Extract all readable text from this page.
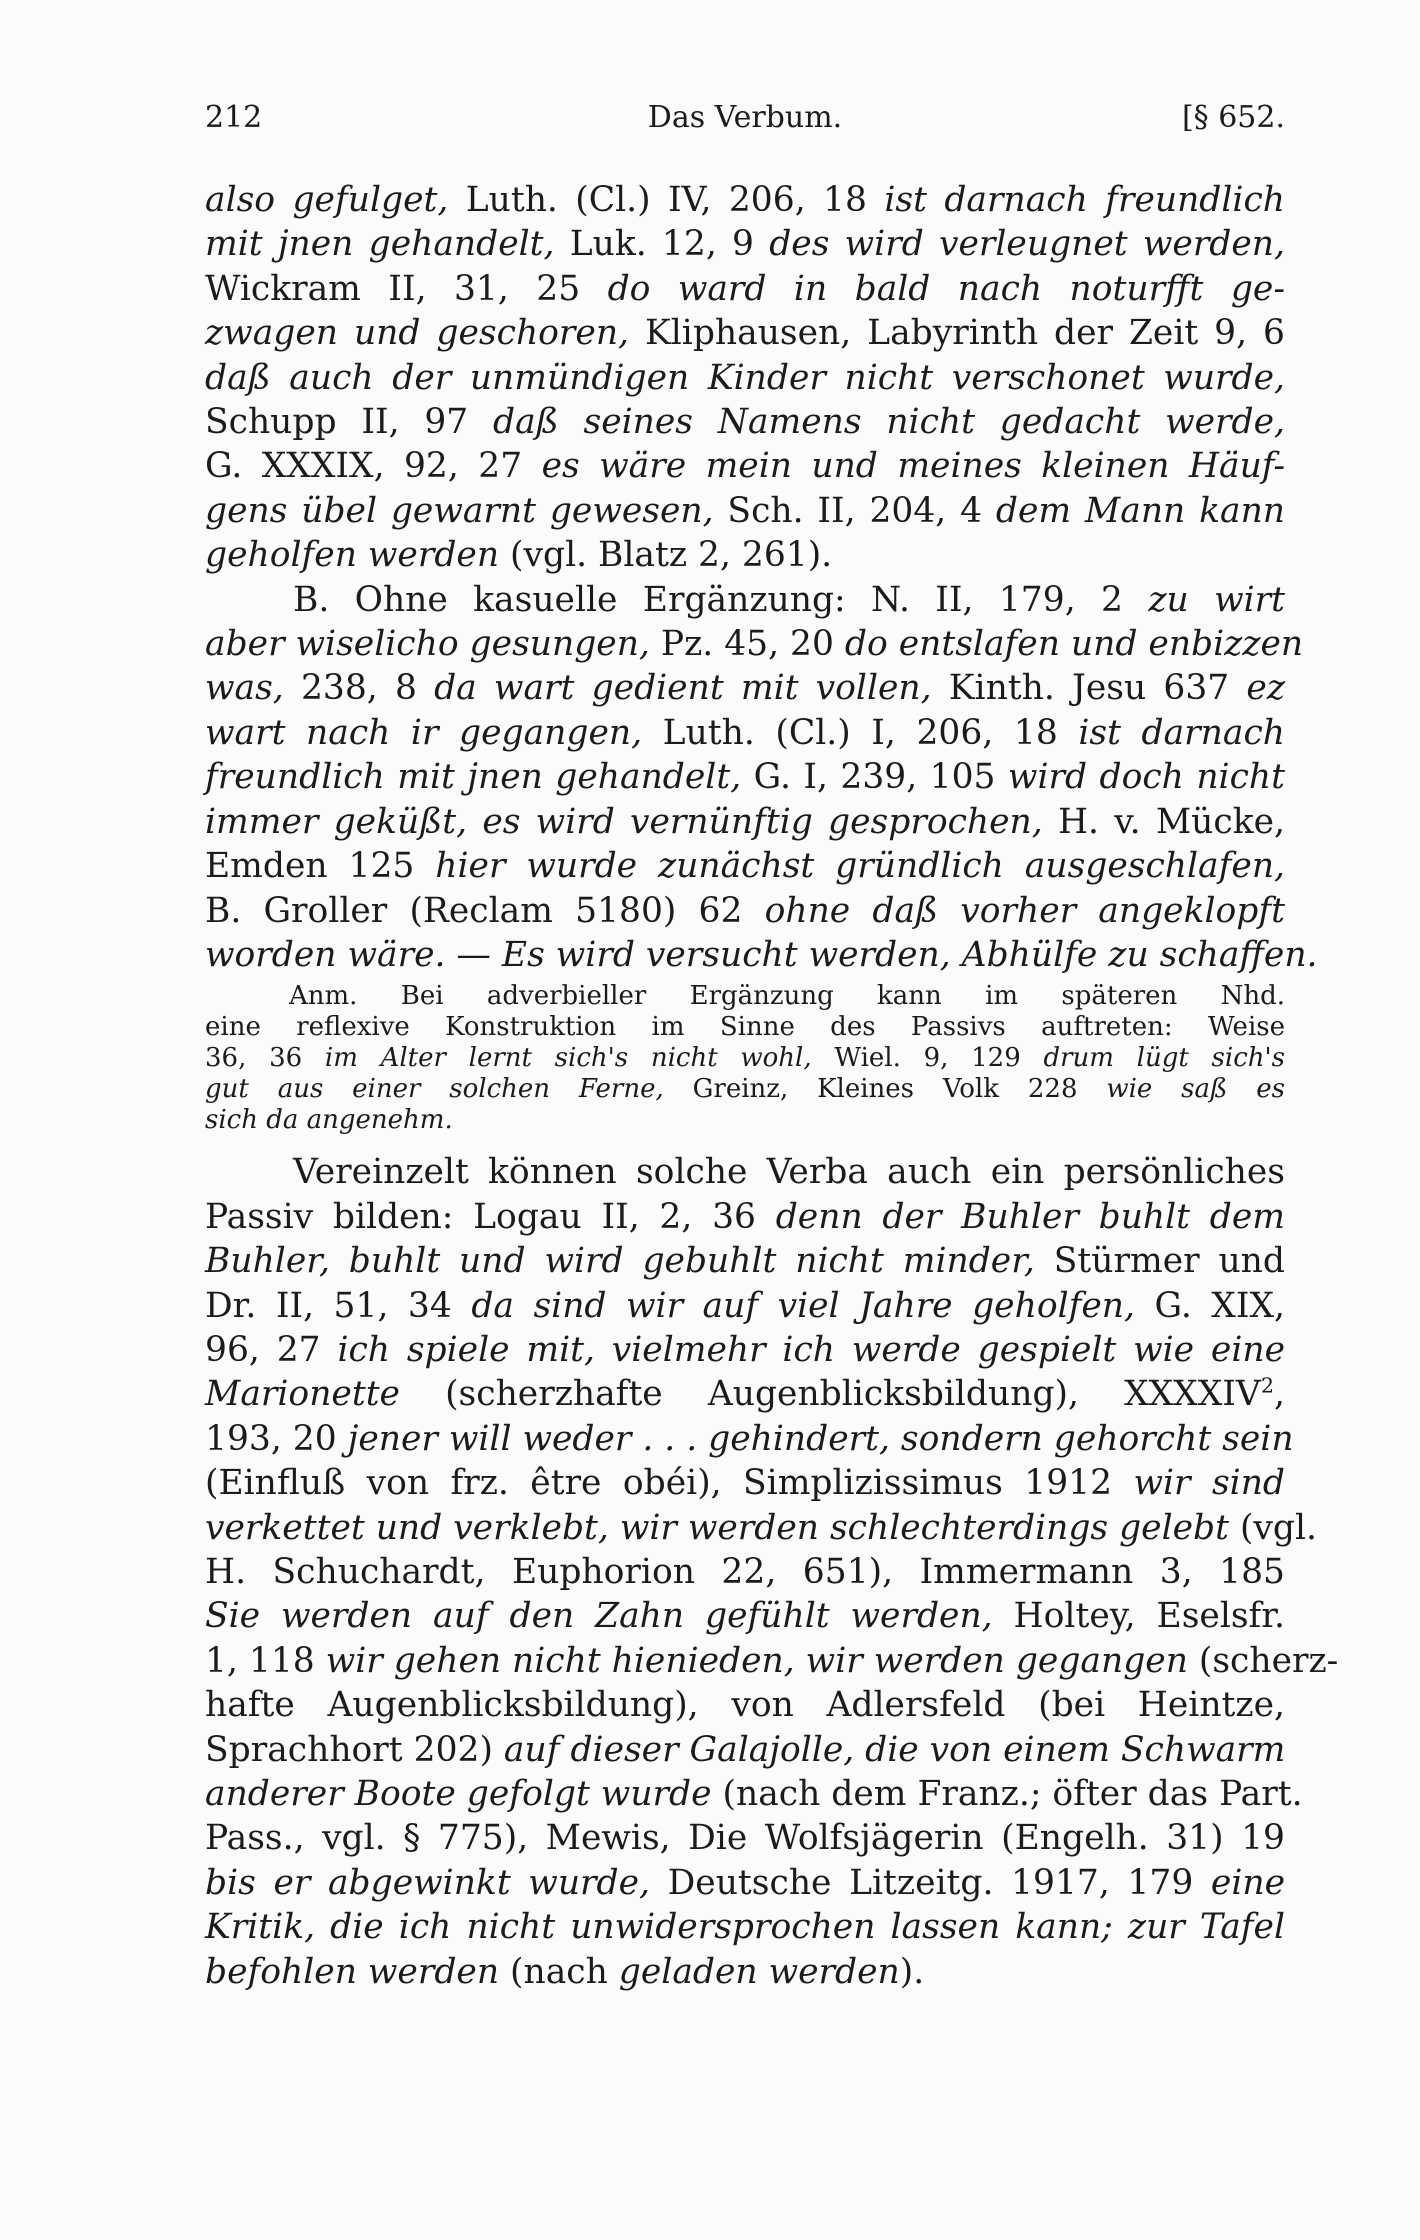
212	Das Verbum.	[§ 652.
also gefulget, Luth. (Cl.) IV, 206, 18 ist darnach freundlich
mit jnen gehandelt, Luk. 12, 9 des wird verleugnet werden,
Wickram II, 31, 25 do ward in bald nach noturfft ge-
zwagen und geschoren, Kliphausen, Labyrinth der Zeit 9, 6
daß auch der unmündigen Kinder nicht verschonet wurde,
Schupp II, 97 daß seines Namens nicht gedacht werde,
G. XXXIX, 92, 27 es wäre mein und meines kleinen Häuf-
gens übel gewarnt gewesen, Sch. II, 204, 4 dem Mann kann
geholfen werden (vgl. Blatz 2, 261).
B. Ohne kasuelle Ergänzung: N. II, 179, 2 zu wirt
aber wiselicho gesungen, Pz. 45, 20 do entslafen und enbizzen
was, 238, 8 da wart gedient mit vollen, Kinth. Jesu 637 ez
wart nach ir gegangen, Luth. (Cl.) I, 206, 18 ist darnach
freundlich mit jnen gehandelt, G. I, 239, 105 wird doch nicht
immer geküßt, es wird vernünftig gesprochen, H. v. Mücke,
Emden 125 hier wurde zunächst gründlich ausgeschlafen,
B. Groller (Reclam 5180) 62 ohne daß vorher angeklopft
worden wäre. — Es wird versucht werden, Abhülfe zu schaffen.
Anm. Bei adverbieller Ergänzung kann im späteren Nhd.
eine reflexive Konstruktion im Sinne des Passivs auftreten: Weise
36, 36 im Alter lernt sich's nicht wohl, Wiel. 9, 129 drum lügt sich's
gut aus einer solchen Ferne, Greinz, Kleines Volk 228 wie saß es
sich da angenehm.
Vereinzelt können solche Verba auch ein persönliches
Passiv bilden: Logau II, 2, 36 denn der Buhler buhlt dem
Buhler, buhlt und wird gebuhlt nicht minder, Stürmer und
Dr. II, 51, 34 da sind wir auf viel Jahre geholfen, G. XIX,
96, 27 ich spiele mit, vielmehr ich werde gespielt wie eine
Marionette (scherzhafte Augenblicksbildung), XXXXIV$^2$,
193, 20 jener will weder . . . gehindert, sondern gehorcht sein
(Einfluß von frz. être obéi), Simplizissimus 1912 wir sind
verkettet und verklebt, wir werden schlechterdings gelebt (vgl.
H. Schuchardt, Euphorion 22, 651), Immermann 3, 185
Sie werden auf den Zahn gefühlt werden, Holtey, Eselsfr.
1, 118 wir gehen nicht hienieden, wir werden gegangen (scherz-
hafte Augenblicksbildung), von Adlersfeld (bei Heintze,
Sprachhort 202) auf dieser Galajolle, die von einem Schwarm
anderer Boote gefolgt wurde (nach dem Franz.; öfter das Part.
Pass., vgl. § 775), Mewis, Die Wolfsjägerin (Engelh. 31) 19
bis er abgewinkt wurde, Deutsche Litzeitg. 1917, 179 eine
Kritik, die ich nicht unwidersprochen lassen kann; zur Tafel
befohlen werden (nach geladen werden).
